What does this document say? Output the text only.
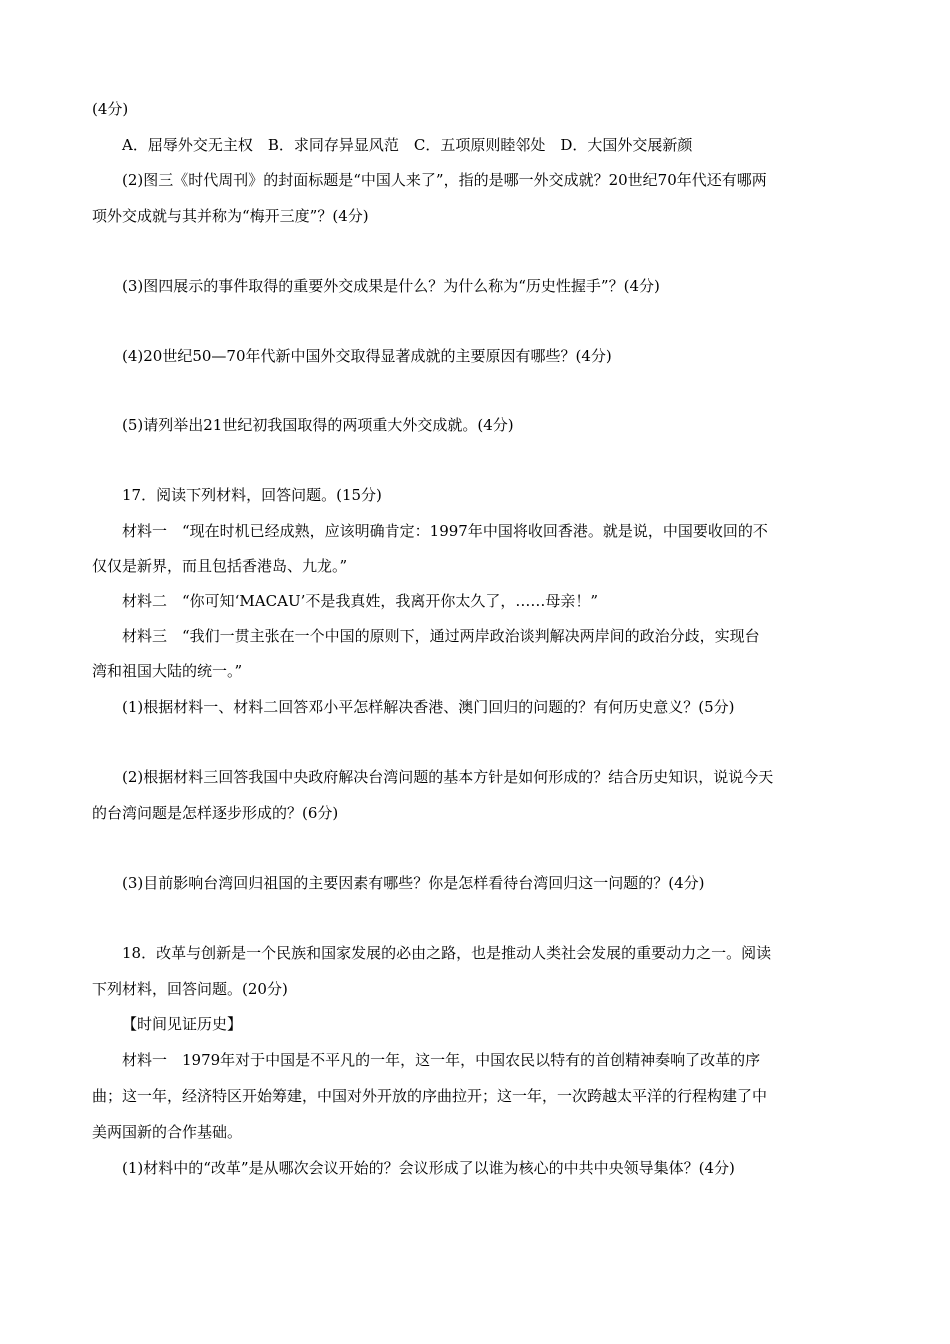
(4分)
A．屈辱外交无主权　B．求同存异显风范　C．五项原则睦邻处　D．大国外交展新颜
(2)图三《时代周刊》的封面标题是“中国人来了”，指的是哪一外交成就？20世纪70年代还有哪两
项外交成就与其并称为“梅开三度”？(4分)
(3)图四展示的事件取得的重要外交成果是什么？为什么称为“历史性握手”？(4分)
(4)20世纪50—70年代新中国外交取得显著成就的主要原因有哪些？(4分)
(5)请列举出21世纪初我国取得的两项重大外交成就。(4分)
17．阅读下列材料，回答问题。(15分)
材料一　“现在时机已经成熟，应该明确肯定：1997年中国将收回香港。就是说，中国要收回的不
仅仅是新界，而且包括香港岛、九龙。”
材料二　“你可知‘MACAU’不是我真姓，我离开你太久了，……母亲！”
材料三　“我们一贯主张在一个中国的原则下，通过两岸政治谈判解决两岸间的政治分歧，实现台
湾和祖国大陆的统一。”
(1)根据材料一、材料二回答邓小平怎样解决香港、澳门回归的问题的？有何历史意义？(5分)
(2)根据材料三回答我国中央政府解决台湾问题的基本方针是如何形成的？结合历史知识，说说今天
的台湾问题是怎样逐步形成的？(6分)
(3)目前影响台湾回归祖国的主要因素有哪些？你是怎样看待台湾回归这一问题的？(4分)
18．改革与创新是一个民族和国家发展的必由之路，也是推动人类社会发展的重要动力之一。阅读
下列材料，回答问题。(20分)
【时间见证历史】
材料一　1979年对于中国是不平凡的一年，这一年，中国农民以特有的首创精神奏响了改革的序
曲；这一年，经济特区开始筹建，中国对外开放的序曲拉开；这一年，一次跨越太平洋的行程构建了中
美两国新的合作基础。
(1)材料中的“改革”是从哪次会议开始的？会议形成了以谁为核心的中共中央领导集体？(4分)
